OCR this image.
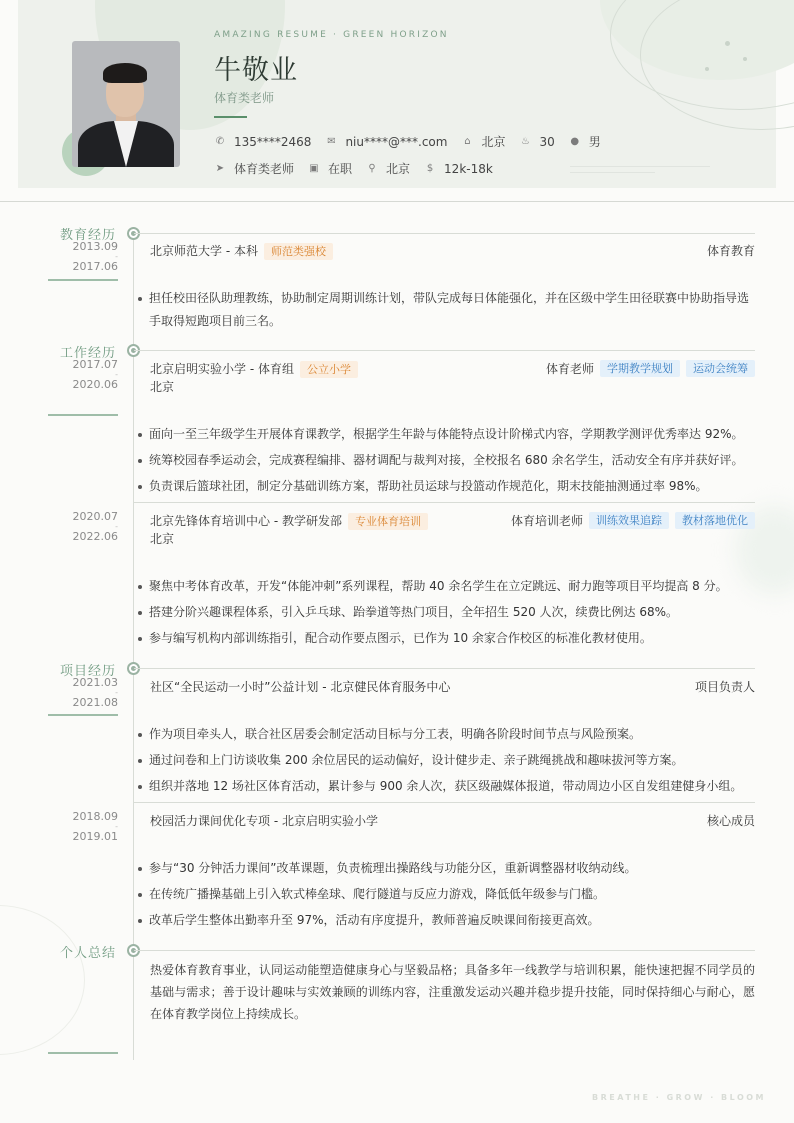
AMAZING RESUME · GREEN HORIZON
牛敬业
体育类老师
✆ 135****2468 ✉ niu****@***.com ⌂ 北京 ♨ 30 ● 男
➤ 体育类老师 ▣ 在职 ⚲ 北京 $ 12k-18k
教育经历
2013.09
-
2017.06
北京师范大学 - 本科 师范类强校	体育教育
担任校田径队助理教练，协助制定周期训练计划，带队完成每日体能强化，并在区级中学生田径联赛中协助指导选手取得短跑项目前三名。
工作经历
2017.07
-
2020.06
北京启明实验小学 - 体育组 公立小学
北京
体育老师	学期教学规划	运动会统筹
面向一至三年级学生开展体育课教学，根据学生年龄与体能特点设计阶梯式内容，学期教学测评优秀率达 92%。
统筹校园春季运动会，完成赛程编排、器材调配与裁判对接，全校报名 680 余名学生，活动安全有序并获好评。
负责课后篮球社团，制定分基础训练方案，帮助社员运球与投篮动作规范化，期末技能抽测通过率 98%。
2020.07
-
2022.06
北京先锋体育培训中心 - 教学研发部 专业体育培训
北京
体育培训老师	训练效果追踪	教材落地优化
聚焦中考体育改革，开发“体能冲刺”系列课程，帮助 40 余名学生在立定跳远、耐力跑等项目平均提高 8 分。
搭建分阶兴趣课程体系，引入乒乓球、跆拳道等热门项目，全年招生 520 人次，续费比例达 68%。
参与编写机构内部训练指引，配合动作要点图示，已作为 10 余家合作校区的标准化教材使用。
项目经历
2021.03
-
2021.08
社区“全民运动一小时”公益计划 - 北京健民体育服务中心	项目负责人
作为项目牵头人，联合社区居委会制定活动目标与分工表，明确各阶段时间节点与风险预案。
通过问卷和上门访谈收集 200 余位居民的运动偏好，设计健步走、亲子跳绳挑战和趣味拔河等方案。
组织并落地 12 场社区体育活动，累计参与 900 余人次，获区级融媒体报道，带动周边小区自发组建健身小组。
2018.09
-
2019.01
校园活力课间优化专项 - 北京启明实验小学	核心成员
参与“30 分钟活力课间”改革课题，负责梳理出操路线与功能分区，重新调整器材收纳动线。
在传统广播操基础上引入软式棒垒球、爬行隧道与反应力游戏，降低低年级参与门槛。
改革后学生整体出勤率升至 97%，活动有序度提升，教师普遍反映课间衔接更高效。
个人总结
热爱体育教育事业，认同运动能塑造健康身心与坚毅品格；具备多年一线教学与培训积累，能快速把握不同学员的基础与需求；善于设计趣味与实效兼顾的训练内容，注重激发运动兴趣并稳步提升技能，同时保持细心与耐心，愿在体育教学岗位上持续成长。
BREATHE · GROW · BLOOM
